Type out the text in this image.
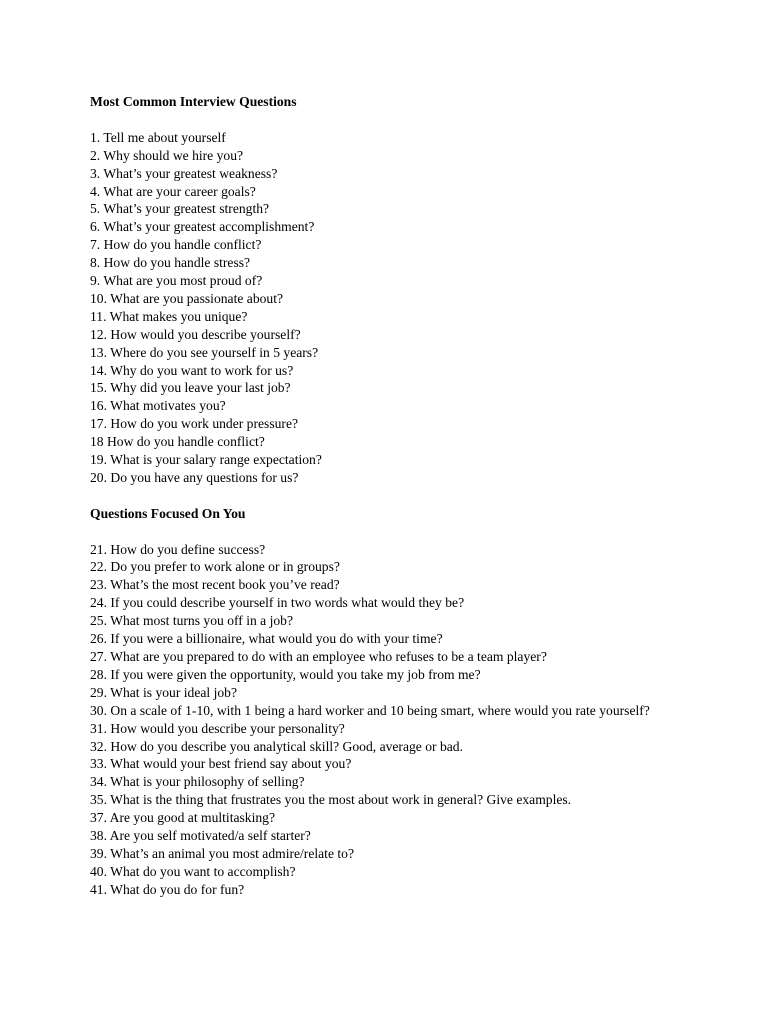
Most Common Interview Questions
1. Tell me about yourself
2. Why should we hire you?
3. What’s your greatest weakness?
4. What are your career goals?
5. What’s your greatest strength?
6. What’s your greatest accomplishment?
7. How do you handle conflict?
8. How do you handle stress?
9. What are you most proud of?
10. What are you passionate about?
11. What makes you unique?
12. How would you describe yourself?
13. Where do you see yourself in 5 years?
14. Why do you want to work for us?
15. Why did you leave your last job?
16. What motivates you?
17. How do you work under pressure?
18 How do you handle conflict?
19. What is your salary range expectation?
20. Do you have any questions for us?
Questions Focused On You
21. How do you define success?
22. Do you prefer to work alone or in groups?
23. What’s the most recent book you’ve read?
24. If you could describe yourself in two words what would they be?
25. What most turns you off in a job?
26. If you were a billionaire, what would you do with your time?
27. What are you prepared to do with an employee who refuses to be a team player?
28. If you were given the opportunity, would you take my job from me?
29. What is your ideal job?
30. On a scale of 1-10, with 1 being a hard worker and 10 being smart, where would you rate yourself?
31. How would you describe your personality?
32. How do you describe you analytical skill? Good, average or bad.
33. What would your best friend say about you?
34. What is your philosophy of selling?
35. What is the thing that frustrates you the most about work in general? Give examples.
37. Are you good at multitasking?
38. Are you self motivated/a self starter?
39. What’s an animal you most admire/relate to?
40. What do you want to accomplish?
41. What do you do for fun?
